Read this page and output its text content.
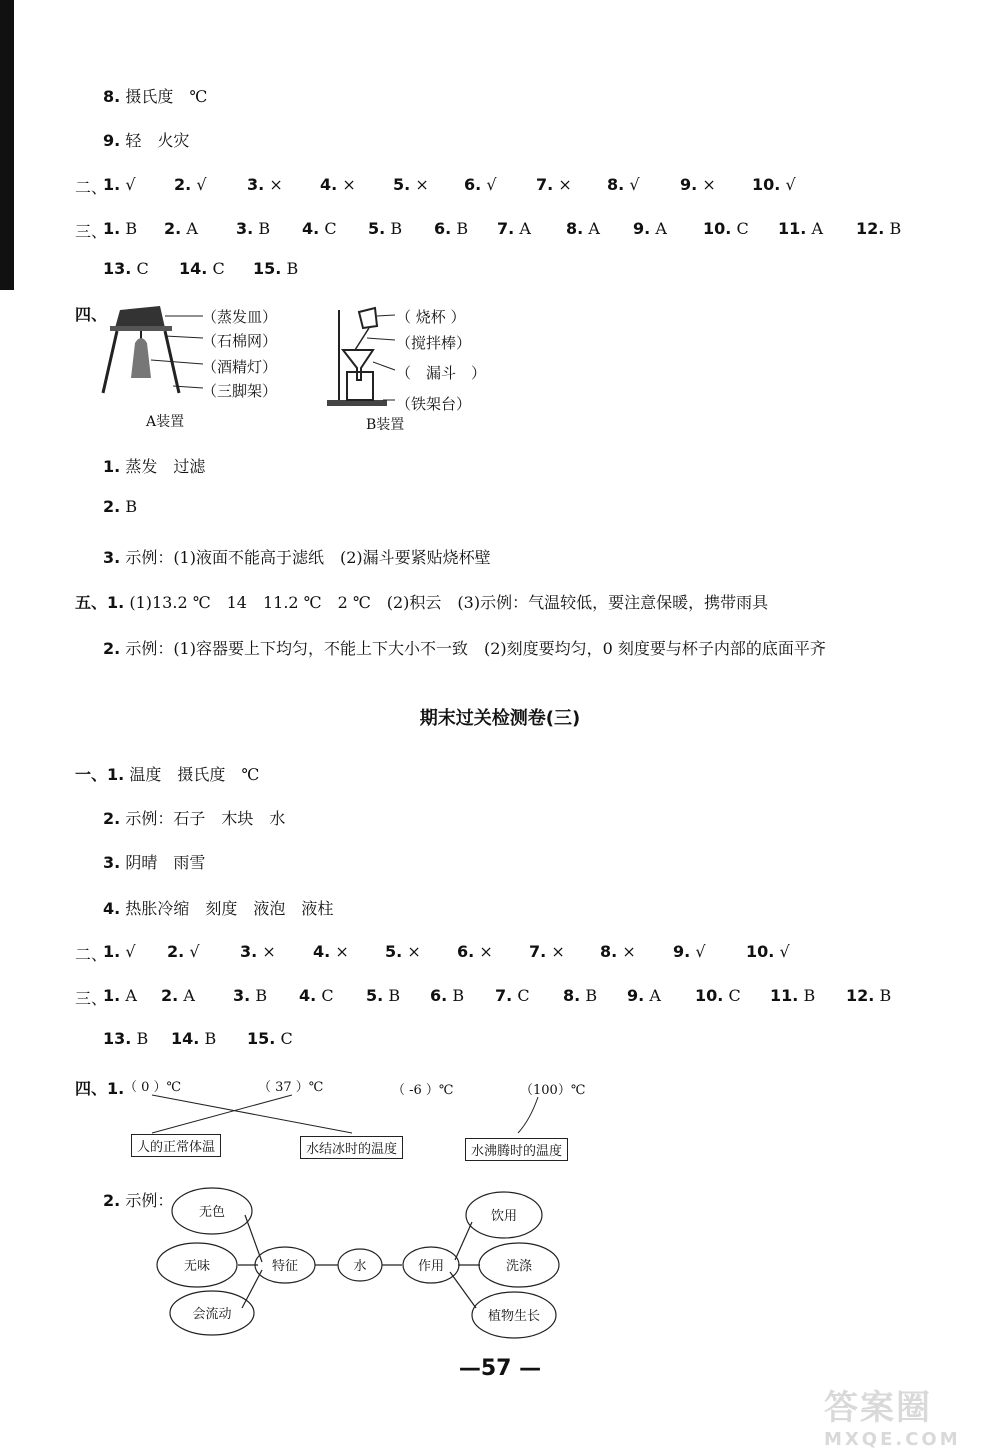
8. 摄氏度　℃
9. 轻　火灾
二、
1. √ 2. √	3. × 4. × 5. × 6. √ 7. × 8. √	9. × 10. √
三、
1. B 2. A 3. B 4. C 5. B 6. B 7. A 8. A 9. A 10. C 11. A 12. B
13. C 14. C 15. B
四、	（蒸发皿）
（石棉网）
（酒精灯）
（三脚架）
A装置
（ 烧杯 ）
（搅拌棒）
（　漏斗　）
（铁架台）
B装置
1. 蒸发　过滤
2. B
3. 示例：(1)液面不能高于滤纸　(2)漏斗要紧贴烧杯壁
五、1. (1)13.2 ℃　14　11.2 ℃　2 ℃　(2)积云　(3)示例：气温较低，要注意保暖，携带雨具
2. 示例：(1)容器要上下均匀，不能上下大小不一致　(2)刻度要均匀，0 刻度要与杯子内部的底面平齐
期末过关检测卷(三)
一、1. 温度　摄氏度　℃
2. 示例：石子　木块　水
3. 阴晴　雨雪
4. 热胀冷缩　刻度　液泡　液柱
二、
1. √ 2. √	3. × 4. × 5. × 6. × 7. × 8. × 9. √	10. √
三、
1. A 2. A 3. B 4. C 5. B 6. B 7. C 8. B 9. A 10. C 11. B 12. B
13. B 14. B 15. C
四、1. （ 0 ）℃	（ 37 ）℃	（ -6 ）℃	（100）℃
人的正常体温	水结冰时的温度	水沸腾时的温度
2. 示例：
无色
无味
会流动
特征	水	作用
饮用
洗涤
植物生长
—57 —
答案圈
MXQE.COM
